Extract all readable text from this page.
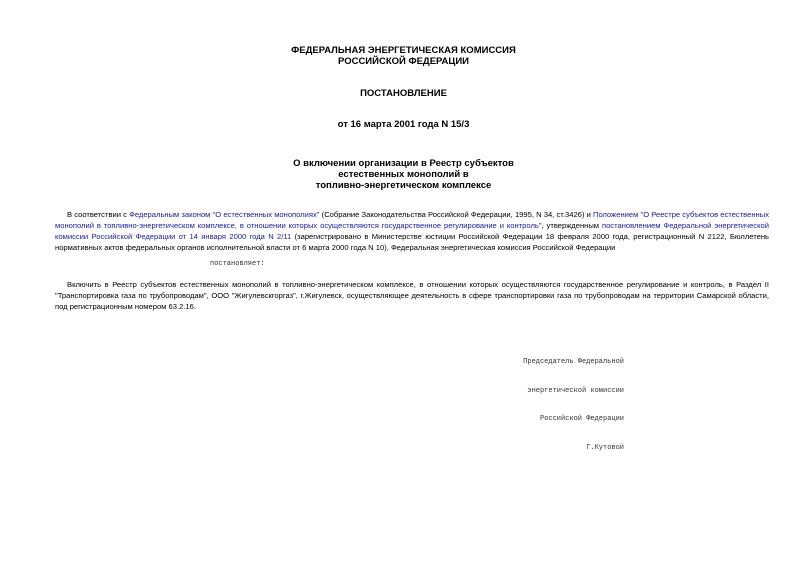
ФЕДЕРАЛЬНАЯ ЭНЕРГЕТИЧЕСКАЯ КОМИССИЯ
РОССИЙСКОЙ ФЕДЕРАЦИИ
ПОСТАНОВЛЕНИЕ
от 16 марта 2001 года N 15/3
О включении организации в Реестр субъектов
естественных монополий в
топливно-энергетическом комплексе
В соответствии с Федеральным законом "О естественных монополиях" (Собрание Законодательства Российской Федерации, 1995, N 34, ст.3426) и Положением "О Реестре субъектов естественных монополий в топливно-энергетическом комплексе, в отношении которых осуществляются государственное регулирование и контроль", утвержденным постановлением Федеральной энергетической комиссии Российской Федерации от 14 января 2000 года N 2/11 (зарегистрировано в Министерстве юстиции Российской Федерации 18 февраля 2000 года, регистрационный N 2122, Бюллетень нормативных актов федеральных органов исполнительной власти от 6 марта 2000 года N 10), Федеральная энергетическая комиссия Российской Федерации
постановляет:
Включить в Реестр субъектов естественных монополий в топливно-энергетическом комплексе, в отношении которых осуществляются государственное регулирование и контроль, в Раздел II "Транспортировка газа по трубопроводам", ООО "Жигулевскгоргаз", г.Жигулевск, осуществляющее деятельность в сфере транспортировки газа по трубопроводам на территории Самарской области, под регистрационным номером 63.2.16.

Председатель Федеральной

энергетической комиссии

Российской Федерации

Г.Кутовой
